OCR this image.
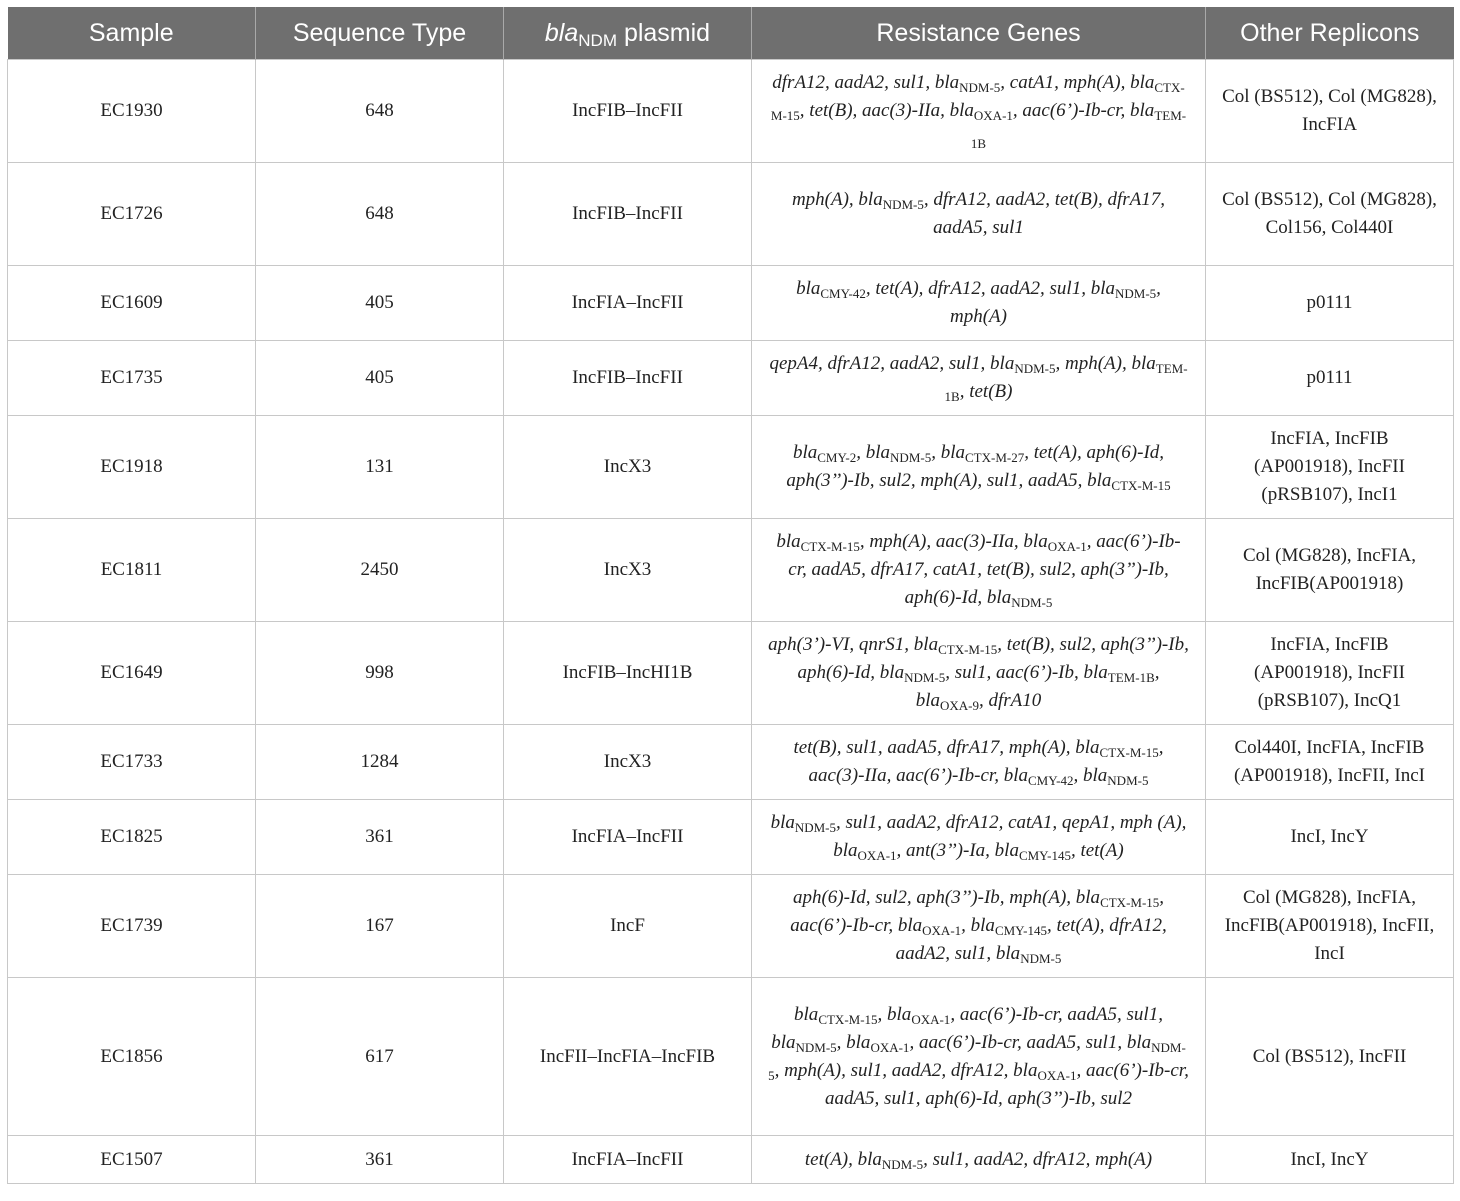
Sample	Sequence Type	bla$_{NDM}$ plasmid	Resistance Genes	Other Replicons
EC1930	648	IncFIB–IncFII	dfrA12, aadA2, sul1, bla$_{NDM-5}$, catA1, mph(A), bla$_{CTX-M-15}$, tet(B), aac(3)-IIa, bla$_{OXA-1}$, aac(6’)-Ib-cr, bla$_{TEM-1B}$	Col (BS512), Col (MG828), IncFIA
EC1726	648	IncFIB–IncFII	mph(A), bla$_{NDM-5}$, dfrA12, aadA2, tet(B), dfrA17, aadA5, sul1	Col (BS512), Col (MG828), Col156, Col440I
EC1609	405	IncFIA–IncFII	bla$_{CMY-42}$, tet(A), dfrA12, aadA2, sul1, bla$_{NDM-5}$, mph(A)	p0111
EC1735	405	IncFIB–IncFII	qepA4, dfrA12, aadA2, sul1, bla$_{NDM-5}$, mph(A), bla$_{TEM-1B}$, tet(B)	p0111
EC1918	131	IncX3	bla$_{CMY-2}$, bla$_{NDM-5}$, bla$_{CTX-M-27}$, tet(A), aph(6)-Id, aph(3’’)-Ib, sul2, mph(A), sul1, aadA5, bla$_{CTX-M-15}$	IncFIA, IncFIB (AP001918), IncFII (pRSB107), IncI1
EC1811	2450	IncX3	bla$_{CTX-M-15}$, mph(A), aac(3)-IIa, bla$_{OXA-1}$, aac(6’)-Ib-cr, aadA5, dfrA17, catA1, tet(B), sul2, aph(3’’)-Ib, aph(6)-Id, bla$_{NDM-5}$	Col (MG828), IncFIA, IncFIB(AP001918)
EC1649	998	IncFIB–IncHI1B	aph(3’)-VI, qnrS1, bla$_{CTX-M-15}$, tet(B), sul2, aph(3’’)-Ib, aph(6)-Id, bla$_{NDM-5}$, sul1, aac(6’)-Ib, bla$_{TEM-1B}$, bla$_{OXA-9}$, dfrA10	IncFIA, IncFIB (AP001918), IncFII (pRSB107), IncQ1
EC1733	1284	IncX3	tet(B), sul1, aadA5, dfrA17, mph(A), bla$_{CTX-M-15}$, aac(3)-IIa, aac(6’)-Ib-cr, bla$_{CMY-42}$, bla$_{NDM-5}$	Col440I, IncFIA, IncFIB (AP001918), IncFII, IncI
EC1825	361	IncFIA–IncFII	bla$_{NDM-5}$, sul1, aadA2, dfrA12, catA1, qepA1, mph (A), bla$_{OXA-1}$, ant(3’’)-Ia, bla$_{CMY-145}$, tet(A)	IncI, IncY
EC1739	167	IncF	aph(6)-Id, sul2, aph(3’’)-Ib, mph(A), bla$_{CTX-M-15}$, aac(6’)-Ib-cr, bla$_{OXA-1}$, bla$_{CMY-145}$, tet(A), dfrA12, aadA2, sul1, bla$_{NDM-5}$	Col (MG828), IncFIA, IncFIB(AP001918), IncFII, IncI
EC1856	617	IncFII–IncFIA–IncFIB	bla$_{CTX-M-15}$, bla$_{OXA-1}$, aac(6’)-Ib-cr, aadA5, sul1, bla$_{NDM-5}$, bla$_{OXA-1}$, aac(6’)-Ib-cr, aadA5, sul1, bla$_{NDM-5}$, mph(A), sul1, aadA2, dfrA12, bla$_{OXA-1}$, aac(6’)-Ib-cr, aadA5, sul1, aph(6)-Id, aph(3’’)-Ib, sul2	Col (BS512), IncFII
EC1507	361	IncFIA–IncFII	tet(A), bla$_{NDM-5}$, sul1, aadA2, dfrA12, mph(A)	IncI, IncY
